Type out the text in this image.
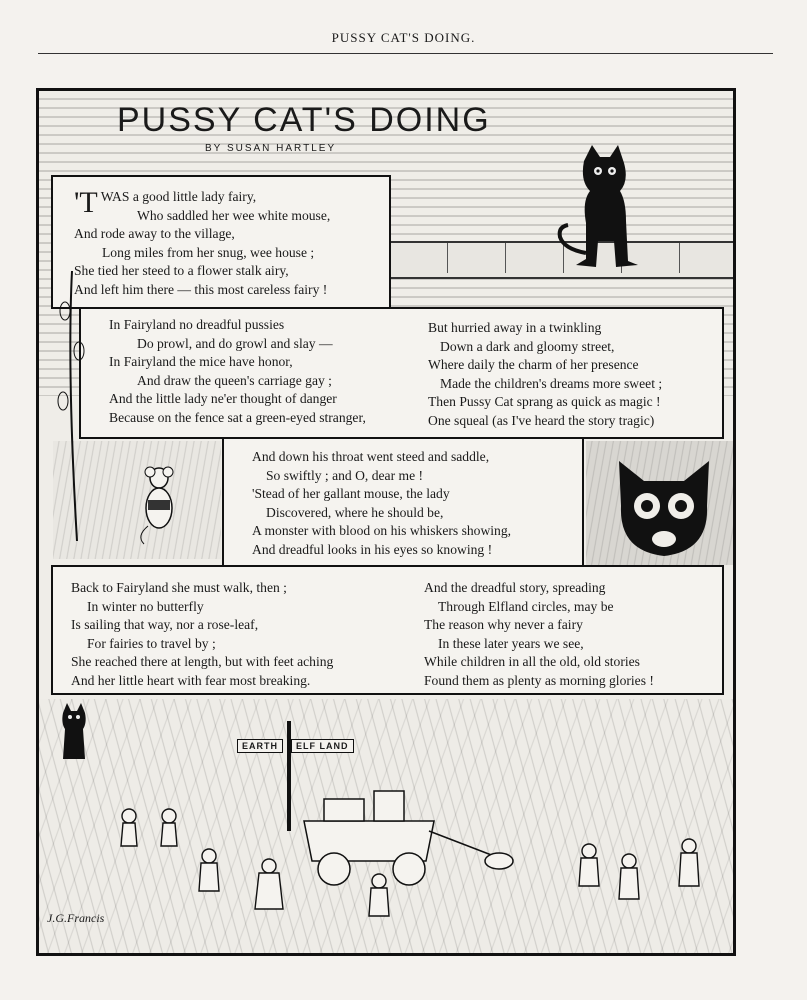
PUSSY CAT'S DOING.
PUSSY CAT'S DOING
BY SUSAN HARTLEY
'TWAS a good little lady fairy,
Who saddled her wee white mouse,
And rode away to the village,
Long miles from her snug, wee house ;
She tied her steed to a flower stalk airy,
And left him there — this most careless fairy !
In Fairyland no dreadful pussies
Do prowl, and do growl and slay —
In Fairyland the mice have honor,
And draw the queen's carriage gay ;
And the little lady ne'er thought of danger
Because on the fence sat a green-eyed stranger,
But hurried away in a twinkling
Down a dark and gloomy street,
Where daily the charm of her presence
Made the children's dreams more sweet ;
Then Pussy Cat sprang as quick as magic !
One squeal (as I've heard the story tragic)
And down his throat went steed and saddle,
So swiftly ; and O, dear me !
'Stead of her gallant mouse, the lady
Discovered, where he should be,
A monster with blood on his whiskers showing,
And dreadful looks in his eyes so knowing !
Back to Fairyland she must walk, then ;
In winter no butterfly
Is sailing that way, nor a rose-leaf,
For fairies to travel by ;
She reached there at length, but with feet aching
And her little heart with fear most breaking.
And the dreadful story, spreading
Through Elfland circles, may be
The reason why never a fairy
In these later years we see,
While children in all the old, old stories
Found them as plenty as morning glories !
EARTH	ELF LAND
J.G.Francis
